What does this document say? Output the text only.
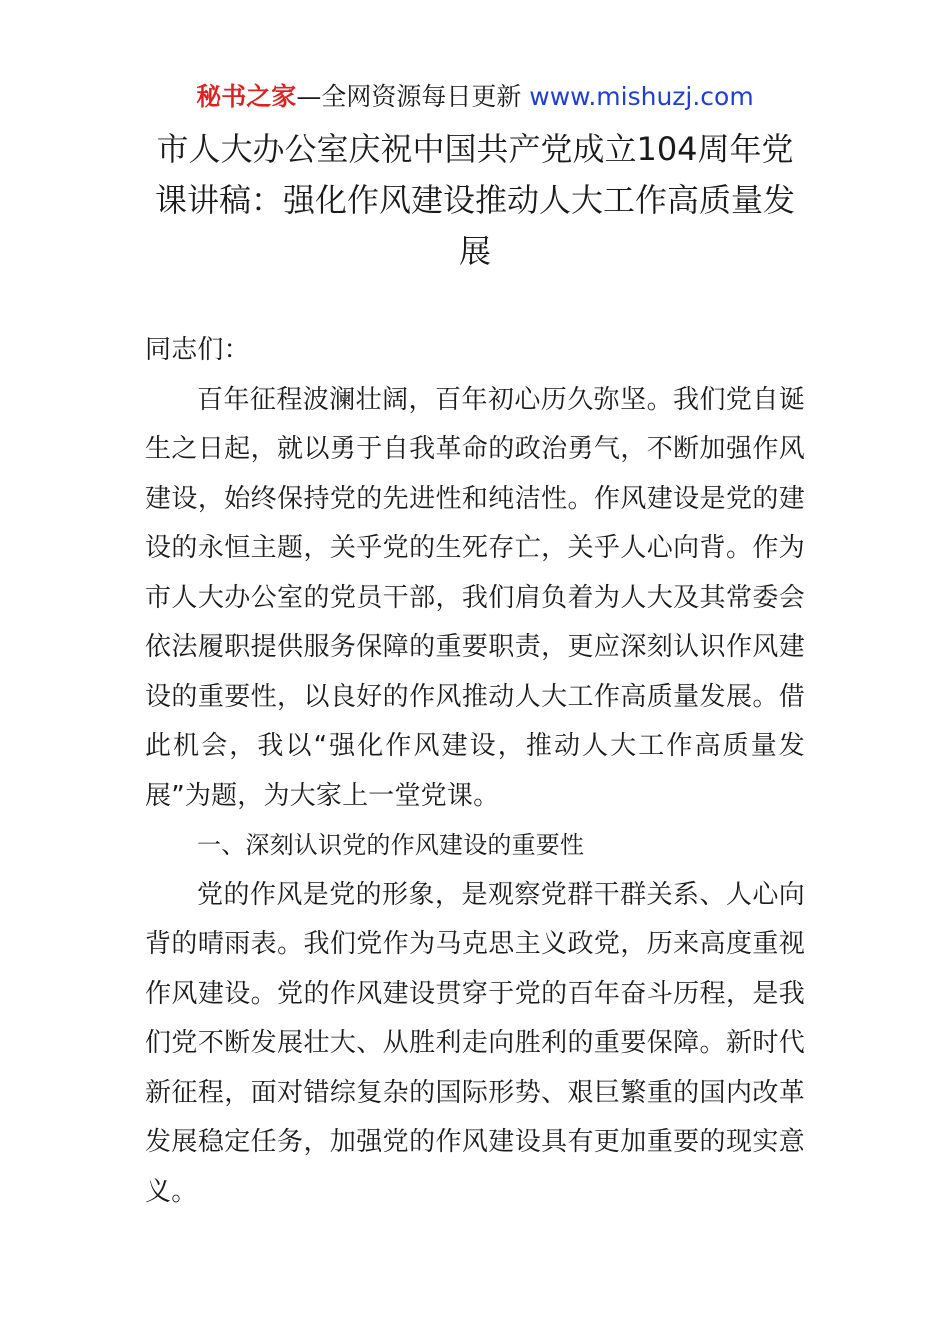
秘书之家—全网资源每日更新 www.mishuzj.com
市人大办公室庆祝中国共产党成立104周年党课讲稿：强化作风建设推动人大工作高质量发展

同志们：

百年征程波澜壮阔，百年初心历久弥坚。我们党自诞生之日起，就以勇于自我革命的政治勇气，不断加强作风建设，始终保持党的先进性和纯洁性。作风建设是党的建设的永恒主题，关乎党的生死存亡，关乎人心向背。作为市人大办公室的党员干部，我们肩负着为人大及其常委会依法履职提供服务保障的重要职责，更应深刻认识作风建设的重要性，以良好的作风推动人大工作高质量发展。借此机会，我以“强化作风建设，推动人大工作高质量发展”为题，为大家上一堂党课。

一、深刻认识党的作风建设的重要性

党的作风是党的形象，是观察党群干群关系、人心向背的晴雨表。我们党作为马克思主义政党，历来高度重视作风建设。党的作风建设贯穿于党的百年奋斗历程，是我们党不断发展壮大、从胜利走向胜利的重要保障。新时代新征程，面对错综复杂的国际形势、艰巨繁重的国内改革发展稳定任务，加强党的作风建设具有更加重要的现实意义。
